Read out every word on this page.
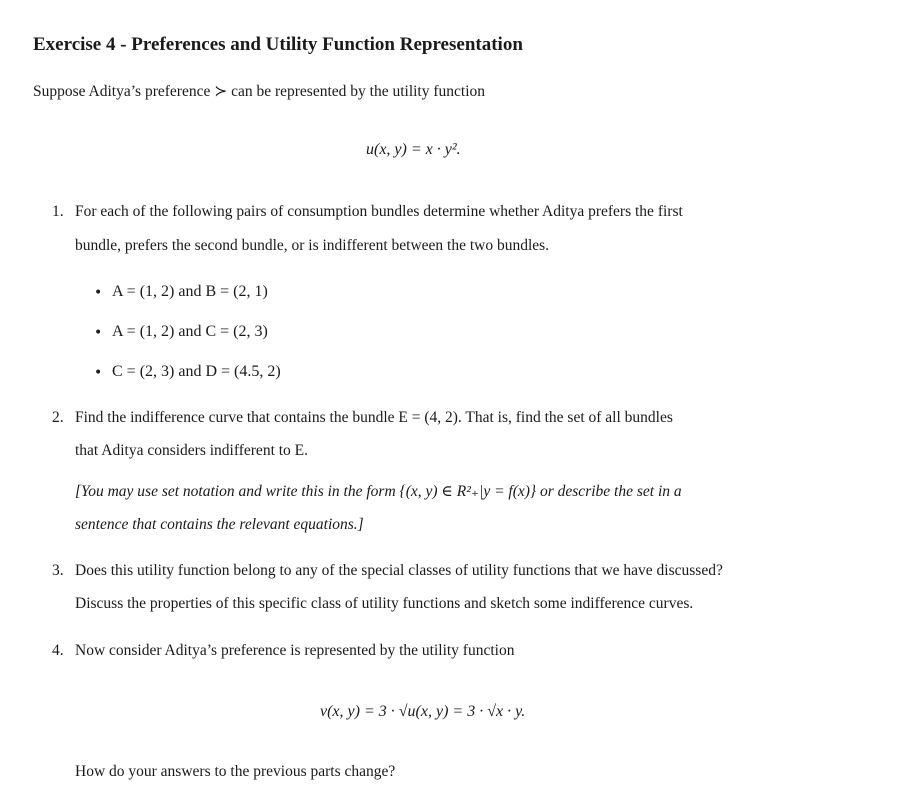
Exercise 4 - Preferences and Utility Function Representation
Suppose Aditya’s preference ≻ can be represented by the utility function
u(x, y) = x · y².
1. For each of the following pairs of consumption bundles determine whether Aditya prefers the first
bundle, prefers the second bundle, or is indifferent between the two bundles.
• A = (1, 2) and B = (2, 1)
• A = (1, 2) and C = (2, 3)
• C = (2, 3) and D = (4.5, 2)
2. Find the indifference curve that contains the bundle E = (4, 2). That is, find the set of all bundles
that Aditya considers indifferent to E.
[You may use set notation and write this in the form {(x, y) ∈ R²₊|y = f(x)} or describe the set in a
sentence that contains the relevant equations.]
3. Does this utility function belong to any of the special classes of utility functions that we have discussed?
Discuss the properties of this specific class of utility functions and sketch some indifference curves.
4. Now consider Aditya’s preference is represented by the utility function
v(x, y) = 3 · √u(x, y) = 3 · √x · y.
How do your answers to the previous parts change?
